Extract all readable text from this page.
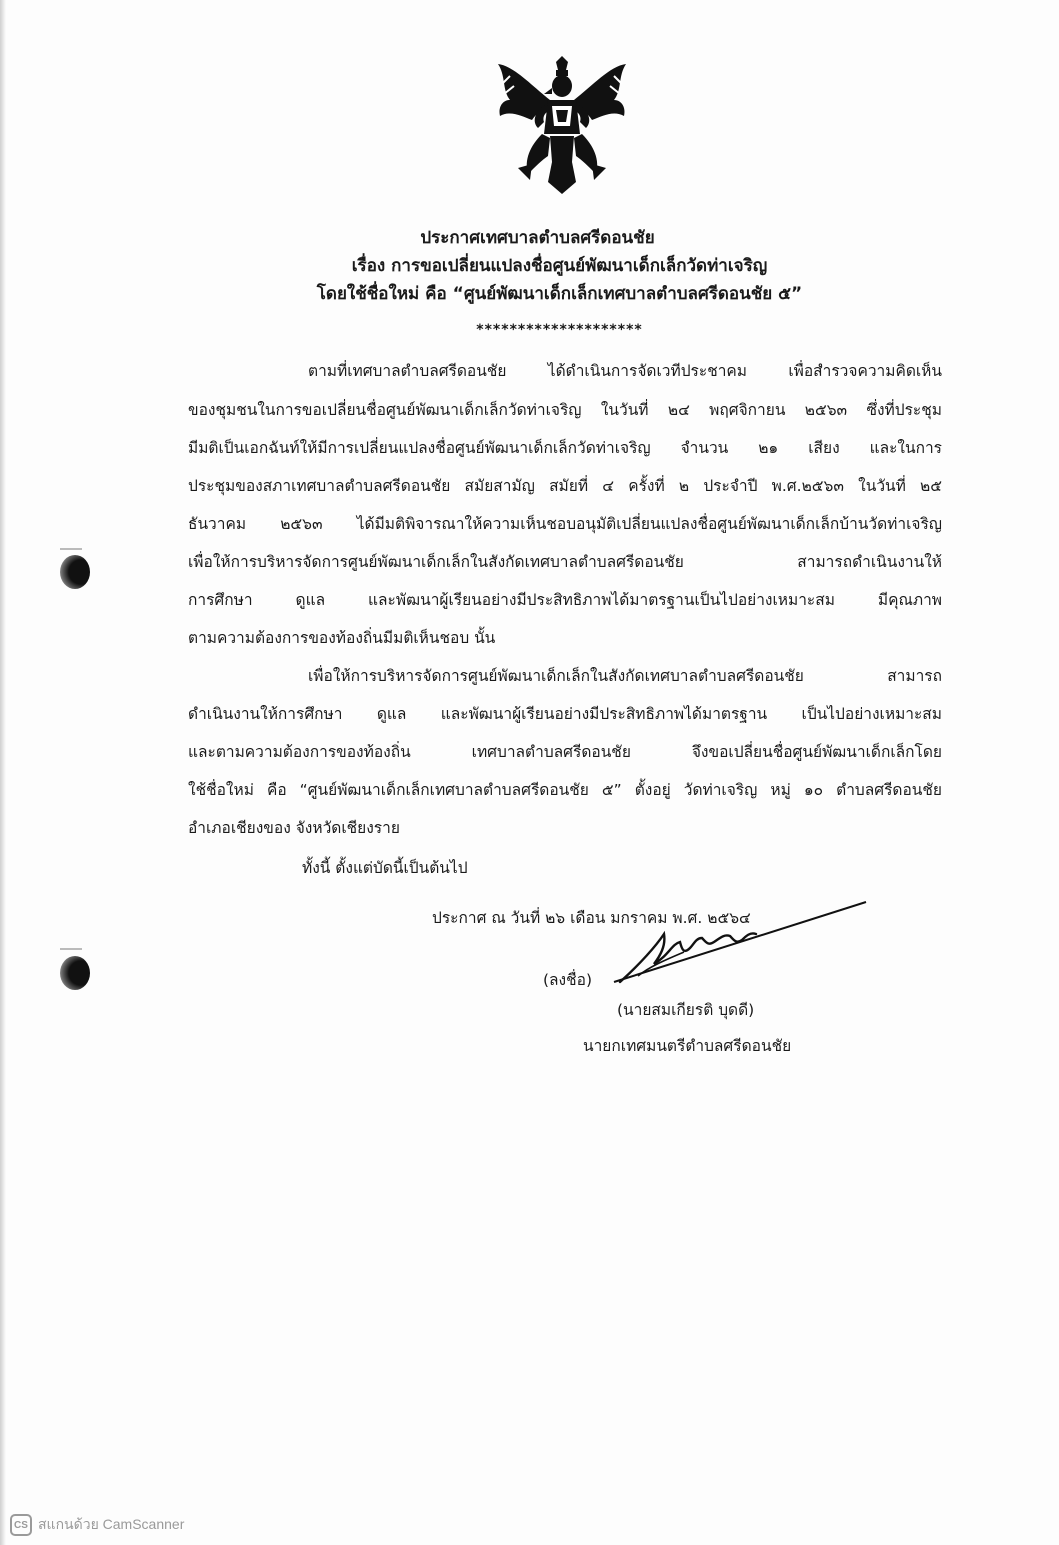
ประกาศเทศบาลตำบลศรีดอนชัย
เรื่อง การขอเปลี่ยนแปลงชื่อศูนย์พัฒนาเด็กเล็กวัดท่าเจริญ
โดยใช้ชื่อใหม่ คือ “ศูนย์พัฒนาเด็กเล็กเทศบาลตำบลศรีดอนชัย ๕”
********************
ตามที่เทศบาลตำบลศรีดอนชัย ได้ดำเนินการจัดเวทีประชาคม เพื่อสำรวจความคิดเห็น
ของชุมชนในการขอเปลี่ยนชื่อศูนย์พัฒนาเด็กเล็กวัดท่าเจริญ ในวันที่ ๒๔ พฤศจิกายน ๒๕๖๓ ซึ่งที่ประชุม
มีมติเป็นเอกฉันท์ให้มีการเปลี่ยนแปลงชื่อศูนย์พัฒนาเด็กเล็กวัดท่าเจริญ จำนวน ๒๑ เสียง และในการ
ประชุมของสภาเทศบาลตำบลศรีดอนชัย สมัยสามัญ สมัยที่ ๔ ครั้งที่ ๒ ประจำปี พ.ศ.๒๕๖๓ ในวันที่ ๒๕
ธันวาคม ๒๕๖๓ ได้มีมติพิจารณาให้ความเห็นชอบอนุมัติเปลี่ยนแปลงชื่อศูนย์พัฒนาเด็กเล็กบ้านวัดท่าเจริญ
เพื่อให้การบริหารจัดการศูนย์พัฒนาเด็กเล็กในสังกัดเทศบาลตำบลศรีดอนชัย สามารถดำเนินงานให้
การศึกษา ดูแล และพัฒนาผู้เรียนอย่างมีประสิทธิภาพได้มาตรฐานเป็นไปอย่างเหมาะสม มีคุณภาพ
ตามความต้องการของท้องถิ่นมีมติเห็นชอบ นั้น
เพื่อให้การบริหารจัดการศูนย์พัฒนาเด็กเล็กในสังกัดเทศบาลตำบลศรีดอนชัย สามารถ
ดำเนินงานให้การศึกษา ดูแล และพัฒนาผู้เรียนอย่างมีประสิทธิภาพได้มาตรฐาน เป็นไปอย่างเหมาะสม
และตามความต้องการของท้องถิ่น เทศบาลตำบลศรีดอนชัย จึงขอเปลี่ยนชื่อศูนย์พัฒนาเด็กเล็กโดย
ใช้ชื่อใหม่ คือ “ศูนย์พัฒนาเด็กเล็กเทศบาลตำบลศรีดอนชัย ๕” ตั้งอยู่ วัดท่าเจริญ หมู่ ๑๐ ตำบลศรีดอนชัย
อำเภอเชียงของ จังหวัดเชียงราย
ทั้งนี้ ตั้งแต่บัดนี้เป็นต้นไป
ประกาศ ณ วันที่ ๒๖ เดือน มกราคม พ.ศ. ๒๕๖๔
(ลงชื่อ)
(นายสมเกียรติ บุดดี)
นายกเทศมนตรีตำบลศรีดอนชัย
CS สแกนด้วย CamScanner
